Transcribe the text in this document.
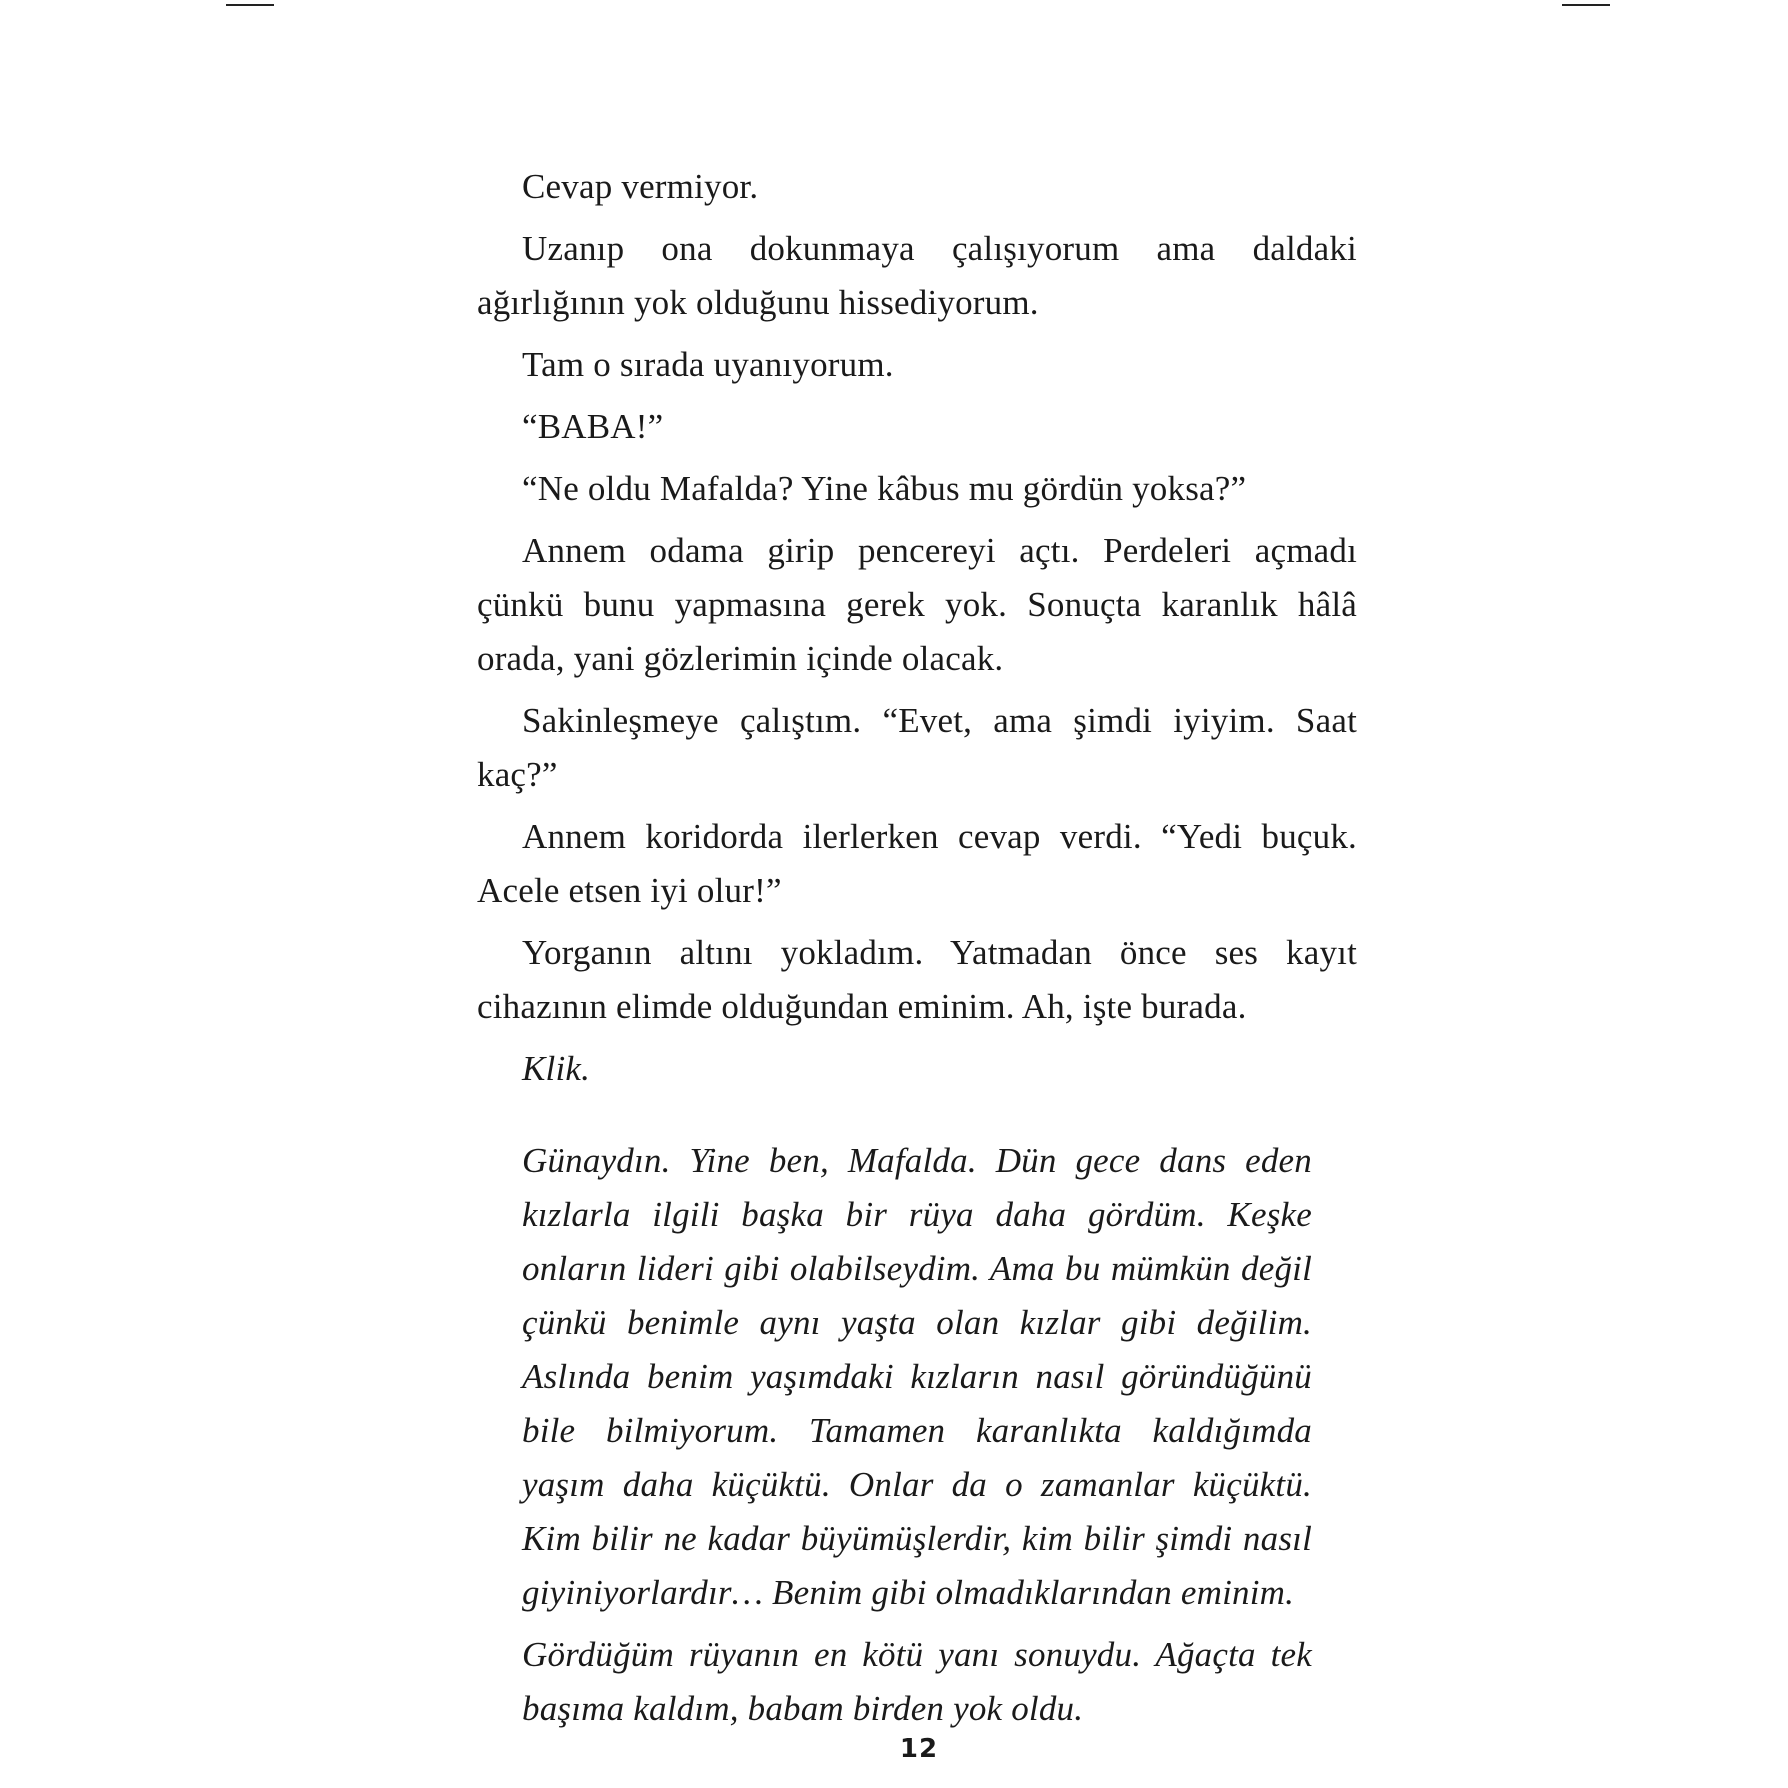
Cevap vermiyor.

Uzanıp ona dokunmaya çalışıyorum ama daldaki ağırlığının yok olduğunu hissediyorum.

Tam o sırada uyanıyorum.

“BABA!”

“Ne oldu Mafalda? Yine kâbus mu gördün yoksa?”

Annem odama girip pencereyi açtı. Perdeleri açmadı çünkü bunu yapmasına gerek yok. Sonuçta karanlık hâlâ orada, yani gözlerimin içinde olacak.

Sakinleşmeye çalıştım. “Evet, ama şimdi iyiyim. Saat kaç?”

Annem koridorda ilerlerken cevap verdi. “Yedi buçuk. Acele etsen iyi olur!”

Yorganın altını yokladım. Yatmadan önce ses kayıt cihazının elimde olduğundan eminim. Ah, işte burada.

Klik.

Günaydın. Yine ben, Mafalda. Dün gece dans eden kızlarla ilgili başka bir rüya daha gördüm. Keşke onların lideri gibi olabilseydim. Ama bu mümkün değil çünkü benimle aynı yaşta olan kızlar gibi değilim. Aslında benim yaşımdaki kızların nasıl göründüğünü bile bilmiyorum. Tamamen karanlıkta kaldığımda yaşım daha küçüktü. Onlar da o zamanlar küçüktü. Kim bilir ne kadar büyümüşlerdir, kim bilir şimdi nasıl giyiniyorlardır… Benim gibi olmadıklarından eminim.

Gördüğüm rüyanın en kötü yanı sonuydu. Ağaçta tek başıma kaldım, babam birden yok oldu.

12
